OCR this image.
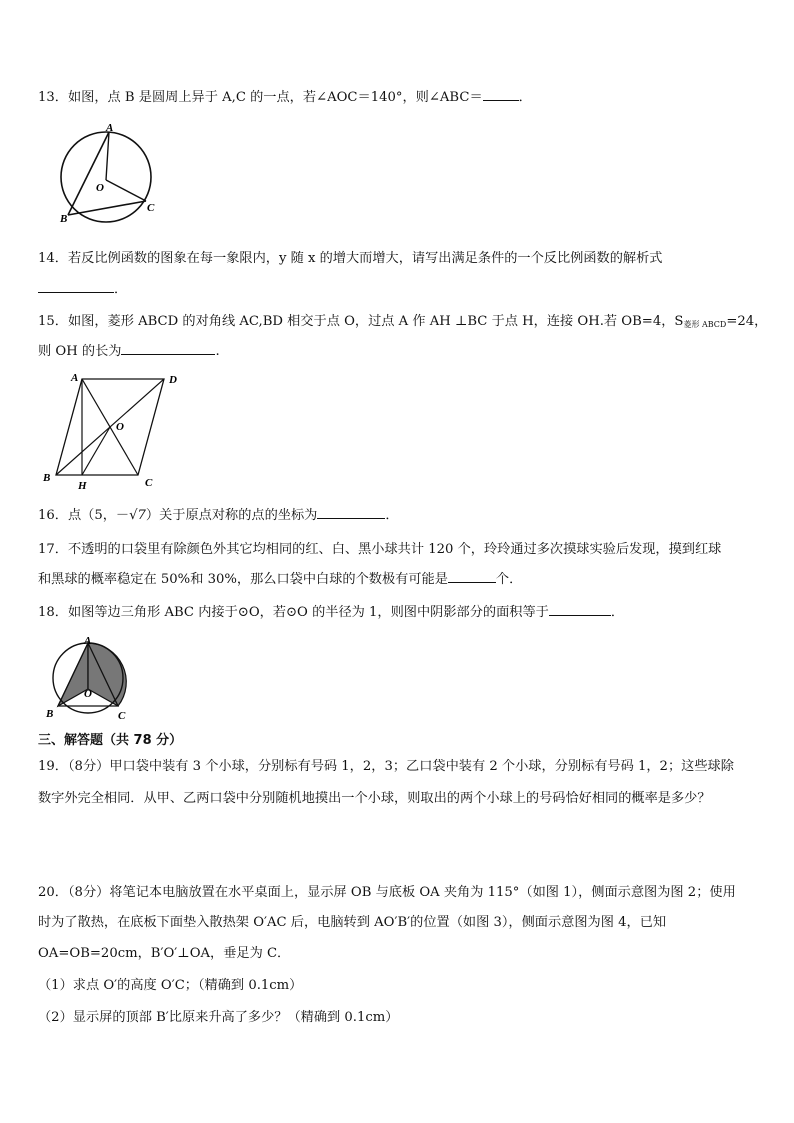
13．如图，点 B 是圆周上异于 A,C 的一点，若∠AOC＝140°，则∠ABC＝	．
A
B
C
O
14．若反比例函数的图象在每一象限内，y 随 x 的增大而增大，请写出满足条件的一个反比例函数的解析式
．
15．如图，菱形 ABCD 的对角线 AC,BD 相交于点 O，过点 A 作 AH ⊥BC 于点 H，连接 OH.若 OB=4，S菱形 ABCD=24，
则 OH 的长为	.
A	D
O
B
H	C
16．点（5，－√7）关于原点对称的点的坐标为	．
17．不透明的口袋里有除颜色外其它均相同的红、白、黑小球共计 120 个，玲玲通过多次摸球实验后发现，摸到红球
和黑球的概率稳定在 50%和 30%，那么口袋中白球的个数极有可能是	个．
18．如图等边三角形 ABC 内接于⊙O，若⊙O 的半径为 1，则图中阴影部分的面积等于	．
A
B	C
O
三、解答题（共 78 分）
19．（8分）甲口袋中装有 3 个小球，分别标有号码 1，2，3；乙口袋中装有 2 个小球，分别标有号码 1，2；这些球除
数字外完全相同．从甲、乙两口袋中分别随机地摸出一个小球，则取出的两个小球上的号码恰好相同的概率是多少？
20．（8分）将笔记本电脑放置在水平桌面上，显示屏 OB 与底板 OA 夹角为 115°（如图 1），侧面示意图为图 2；使用
时为了散热，在底板下面垫入散热架 O′AC 后，电脑转到 AO′B′的位置（如图 3），侧面示意图为图 4，已知
OA=OB=20cm，B′O′⊥OA，垂足为 C．
（1）求点 O′的高度 O′C；（精确到 0.1cm）
（2）显示屏的顶部 B′比原来升高了多少？（精确到 0.1cm）
